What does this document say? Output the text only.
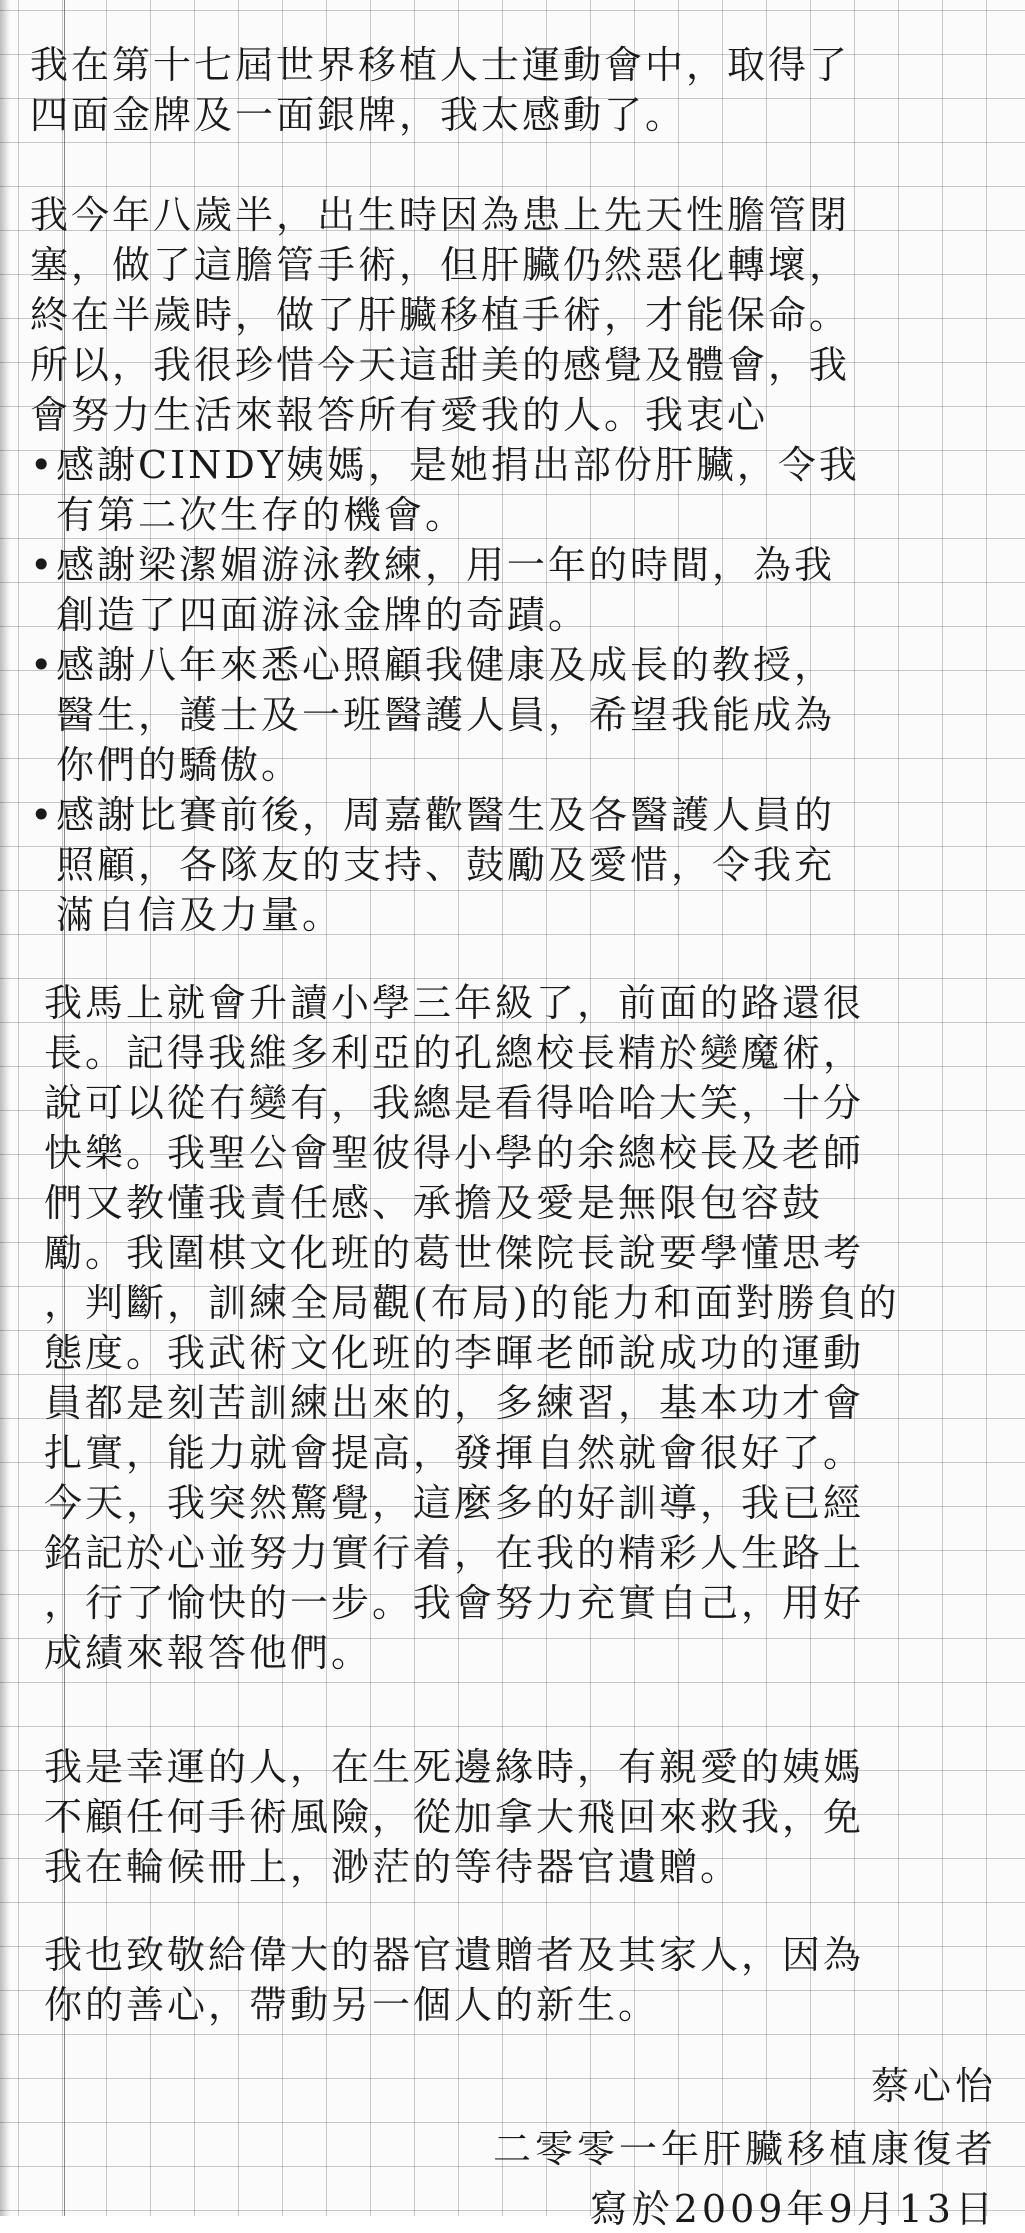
我在第十七屆世界移植人士運動會中，取得了
四面金牌及一面銀牌，我太感動了。
我今年八歲半，出生時因為患上先天性膽管閉
塞，做了這膽管手術，但肝臟仍然惡化轉壞，
終在半歲時，做了肝臟移植手術，才能保命。
所以，我很珍惜今天這甜美的感覺及體會，我
會努力生活來報答所有愛我的人。我衷心
• 感謝CINDY姨媽，是她捐出部份肝臟，令我
有第二次生存的機會。
• 感謝梁潔媚游泳教練，用一年的時間，為我
創造了四面游泳金牌的奇蹟。
• 感謝八年來悉心照顧我健康及成長的教授，
醫生，護士及一班醫護人員，希望我能成為
你們的驕傲。
• 感謝比賽前後，周嘉歡醫生及各醫護人員的
照顧，各隊友的支持、鼓勵及愛惜，令我充
滿自信及力量。
我馬上就會升讀小學三年級了，前面的路還很
長。記得我維多利亞的孔總校長精於變魔術，
說可以從冇變有，我總是看得哈哈大笑，十分
快樂。我聖公會聖彼得小學的余總校長及老師
們又教懂我責任感、承擔及愛是無限包容鼓
勵。我圍棋文化班的葛世傑院長說要學懂思考
，判斷，訓練全局觀(布局)的能力和面對勝負的
態度。我武術文化班的李暉老師說成功的運動
員都是刻苦訓練出來的，多練習，基本功才會
扎實，能力就會提高，發揮自然就會很好了。
今天，我突然驚覺，這麼多的好訓導，我已經
銘記於心並努力實行着，在我的精彩人生路上
，行了愉快的一步。我會努力充實自己，用好
成績來報答他們。
我是幸運的人，在生死邊緣時，有親愛的姨媽
不顧任何手術風險，從加拿大飛回來救我，免
我在輪候冊上，渺茫的等待器官遺贈。
我也致敬給偉大的器官遺贈者及其家人，因為
你的善心，帶動另一個人的新生。
蔡心怡
二零零一年肝臟移植康復者
寫於2009年9月13日
